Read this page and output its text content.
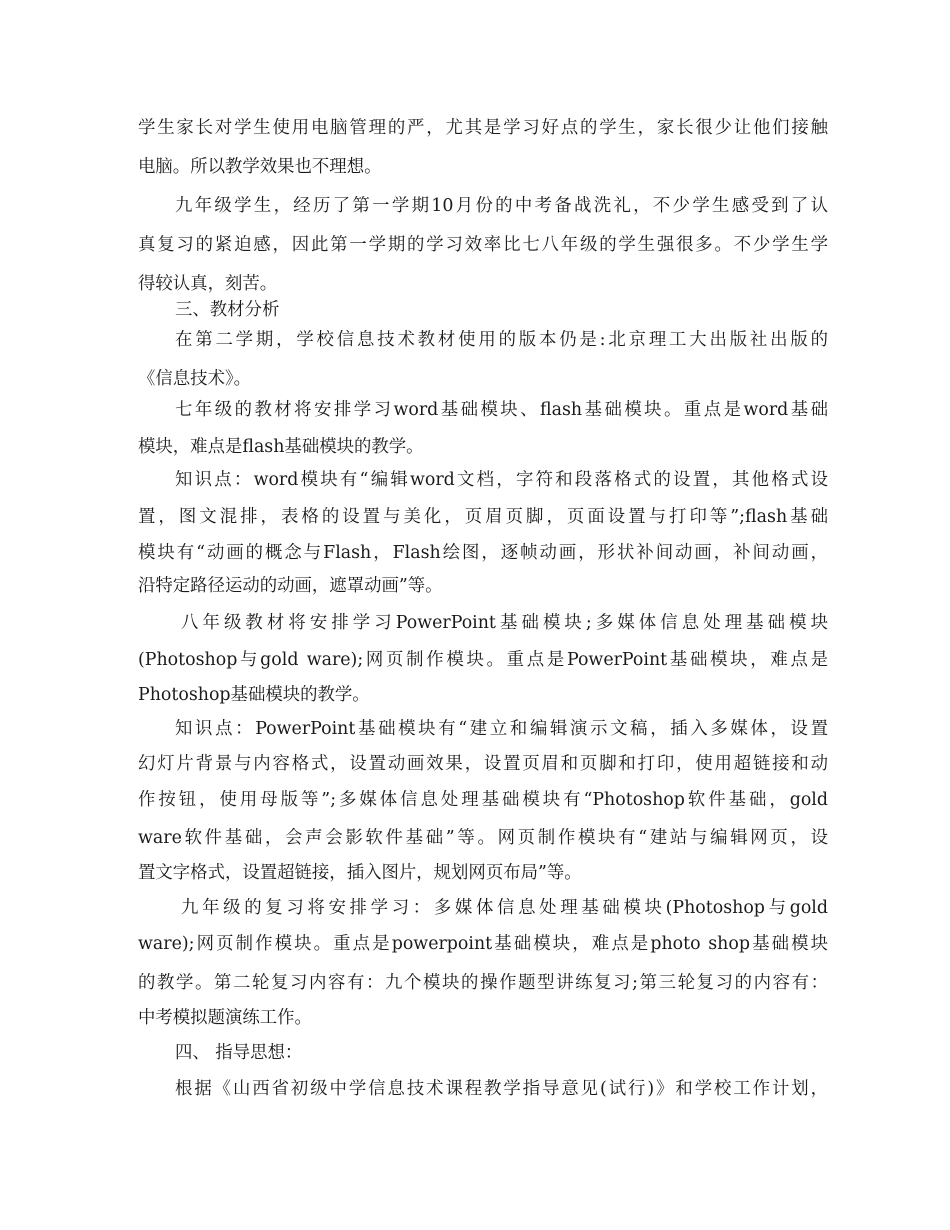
学生家长对学生使用电脑管理的严，尤其是学习好点的学生，家长很少让他们接触
电脑。所以教学效果也不理想。
九年级学生，经历了第一学期10月份的中考备战洗礼，不少学生感受到了认
真复习的紧迫感，因此第一学期的学习效率比七八年级的学生强很多。不少学生学
得较认真，刻苦。
三、教材分析
在第二学期，学校信息技术教材使用的版本仍是:北京理工大出版社出版的
《信息技术》。
七年级的教材将安排学习word基础模块、flash基础模块。重点是word基础
模块，难点是flash基础模块的教学。
知识点：word模块有“编辑word文档，字符和段落格式的设置，其他格式设
置，图文混排，表格的设置与美化，页眉页脚，页面设置与打印等”;flash基础
模块有“动画的概念与Flash，Flash绘图，逐帧动画，形状补间动画，补间动画，
沿特定路径运动的动画，遮罩动画”等。
八年级教材将安排学习PowerPoint基础模块;多媒体信息处理基础模块
(Photoshop与gold ware);网页制作模块。重点是PowerPoint基础模块，难点是
Photoshop基础模块的教学。
知识点：PowerPoint基础模块有“建立和编辑演示文稿，插入多媒体，设置
幻灯片背景与内容格式，设置动画效果，设置页眉和页脚和打印，使用超链接和动
作按钮，使用母版等”;多媒体信息处理基础模块有“Photoshop软件基础，gold
ware软件基础，会声会影软件基础”等。网页制作模块有“建站与编辑网页，设
置文字格式，设置超链接，插入图片，规划网页布局”等。
九年级的复习将安排学习：多媒体信息处理基础模块(Photoshop与gold
ware);网页制作模块。重点是powerpoint基础模块，难点是photo shop基础模块
的教学。第二轮复习内容有：九个模块的操作题型讲练复习;第三轮复习的内容有：
中考模拟题演练工作。
四、 指导思想：
根据《山西省初级中学信息技术课程教学指导意见(试行)》和学校工作计划，
